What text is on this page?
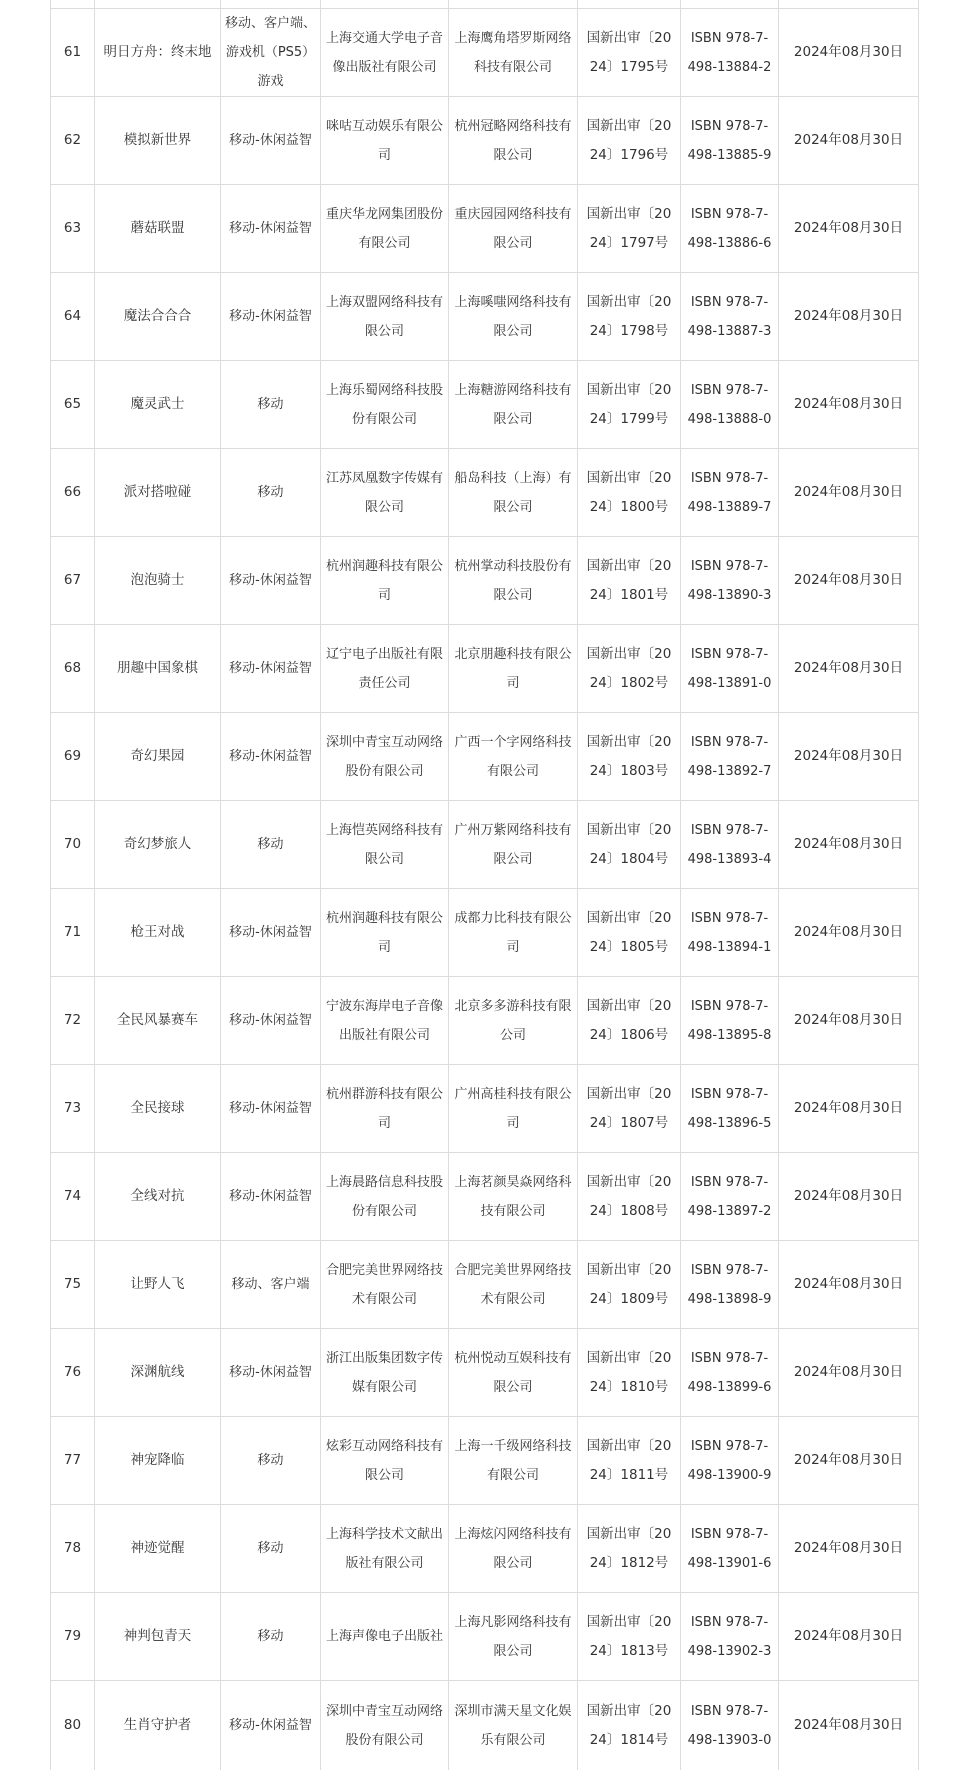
61	明日方舟：终末地
移动、客户端、游戏机（PS5）游戏
上海交通大学电子音像出版社有限公司
上海鹰角塔罗斯网络科技有限公司
国新出审〔2024〕1795号
ISBN 978-7-498-13884-2
2024年08月30日
62	模拟新世界	移动-休闲益智
咪咕互动娱乐有限公司
杭州冠略网络科技有限公司
国新出审〔2024〕1796号
ISBN 978-7-498-13885-9
2024年08月30日
63	蘑菇联盟	移动-休闲益智
重庆华龙网集团股份有限公司
重庆园园网络科技有限公司
国新出审〔2024〕1797号
ISBN 978-7-498-13886-6
2024年08月30日
64	魔法合合合	移动-休闲益智
上海双盟网络科技有限公司
上海嗘嗤网络科技有限公司
国新出审〔2024〕1798号
ISBN 978-7-498-13887-3
2024年08月30日
65	魔灵武士	移动
上海乐蜀网络科技股份有限公司
上海糖游网络科技有限公司
国新出审〔2024〕1799号
ISBN 978-7-498-13888-0
2024年08月30日
66	派对搭啦碰	移动
江苏凤凰数字传媒有限公司
船岛科技（上海）有限公司
国新出审〔2024〕1800号
ISBN 978-7-498-13889-7
2024年08月30日
67	泡泡骑士	移动-休闲益智
杭州润趣科技有限公司
杭州掌动科技股份有限公司
国新出审〔2024〕1801号
ISBN 978-7-498-13890-3
2024年08月30日
68	朋趣中国象棋	移动-休闲益智
辽宁电子出版社有限责任公司
北京朋趣科技有限公司
国新出审〔2024〕1802号
ISBN 978-7-498-13891-0
2024年08月30日
69	奇幻果园	移动-休闲益智
深圳中青宝互动网络股份有限公司
广西一个字网络科技有限公司
国新出审〔2024〕1803号
ISBN 978-7-498-13892-7
2024年08月30日
70	奇幻梦旅人	移动
上海恺英网络科技有限公司
广州万紫网络科技有限公司
国新出审〔2024〕1804号
ISBN 978-7-498-13893-4
2024年08月30日
71	枪王对战	移动-休闲益智
杭州润趣科技有限公司
成都力比科技有限公司
国新出审〔2024〕1805号
ISBN 978-7-498-13894-1
2024年08月30日
72	全民风暴赛车	移动-休闲益智
宁波东海岸电子音像出版社有限公司
北京多多游科技有限公司
国新出审〔2024〕1806号
ISBN 978-7-498-13895-8
2024年08月30日
73	全民接球	移动-休闲益智
杭州群游科技有限公司
广州高桂科技有限公司
国新出审〔2024〕1807号
ISBN 978-7-498-13896-5
2024年08月30日
74	全线对抗	移动-休闲益智
上海晨路信息科技股份有限公司
上海茗颜昊焱网络科技有限公司
国新出审〔2024〕1808号
ISBN 978-7-498-13897-2
2024年08月30日
75	让野人飞	移动、客户端
合肥完美世界网络技术有限公司
合肥完美世界网络技术有限公司
国新出审〔2024〕1809号
ISBN 978-7-498-13898-9
2024年08月30日
76	深渊航线	移动-休闲益智
浙江出版集团数字传媒有限公司
杭州悦动互娱科技有限公司
国新出审〔2024〕1810号
ISBN 978-7-498-13899-6
2024年08月30日
77	神宠降临	移动
炫彩互动网络科技有限公司
上海一千级网络科技有限公司
国新出审〔2024〕1811号
ISBN 978-7-498-13900-9
2024年08月30日
78	神迹觉醒	移动
上海科学技术文献出版社有限公司
上海炫闪网络科技有限公司
国新出审〔2024〕1812号
ISBN 978-7-498-13901-6
2024年08月30日
79	神判包青天	移动	上海声像电子出版社
上海凡影网络科技有限公司
国新出审〔2024〕1813号
ISBN 978-7-498-13902-3
2024年08月30日
80	生肖守护者	移动-休闲益智
深圳中青宝互动网络股份有限公司
深圳市满天星文化娱乐有限公司
国新出审〔2024〕1814号
ISBN 978-7-498-13903-0
2024年08月30日
